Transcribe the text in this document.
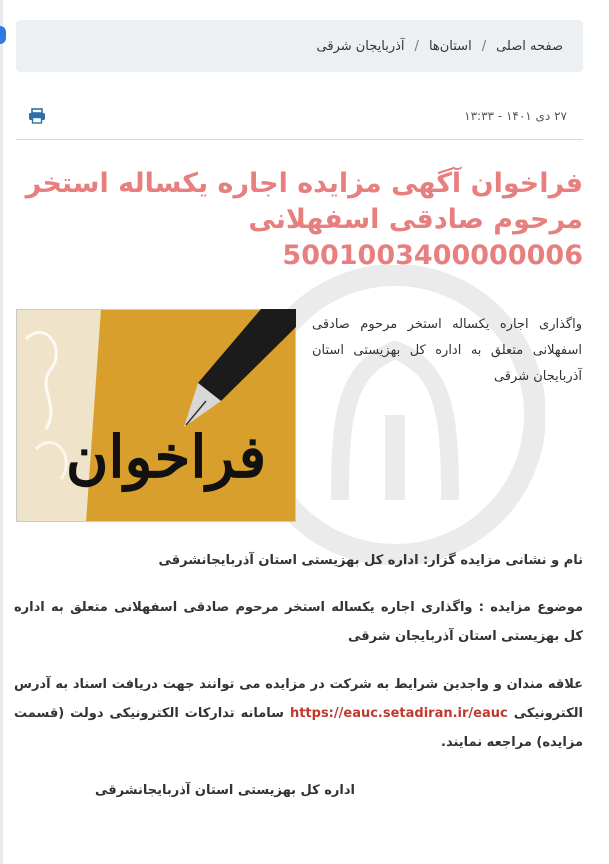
صفحه اصلی
/
استان‌ها
/
آذربایجان شرقی
۲۷ دی ۱۴۰۱ - ۱۳:۳۳
فراخوان آگهی مزایده اجاره یکساله استخر
مرحوم صادقی اسفهلانی
5001003400000006
فراخوان

واگذاری اجاره یکساله استخر مرحوم صادقی اسفهلانی متعلق به اداره کل بهزیستی استان آذربایجان شرقی

نام و نشانی مزایده گزار: اداره کل بهزیستی استان آذربایجانشرقی

موضوع مزایده : واگذاری اجاره یکساله استخر مرحوم صادقی اسفهلانی متعلق به اداره کل بهزیستی استان آذربایجان شرقی

علاقه مندان و واجدین شرایط به شرکت در مزایده می توانند جهت دریافت اسناد به آدرس الکترونیکی https://eauc.setadiran.ir/eauc سامانه تدارکات الکترونیکی دولت (قسمت مزایده) مراجعه نمایند.

اداره کل بهزیستی استان آذربایجانشرقی
